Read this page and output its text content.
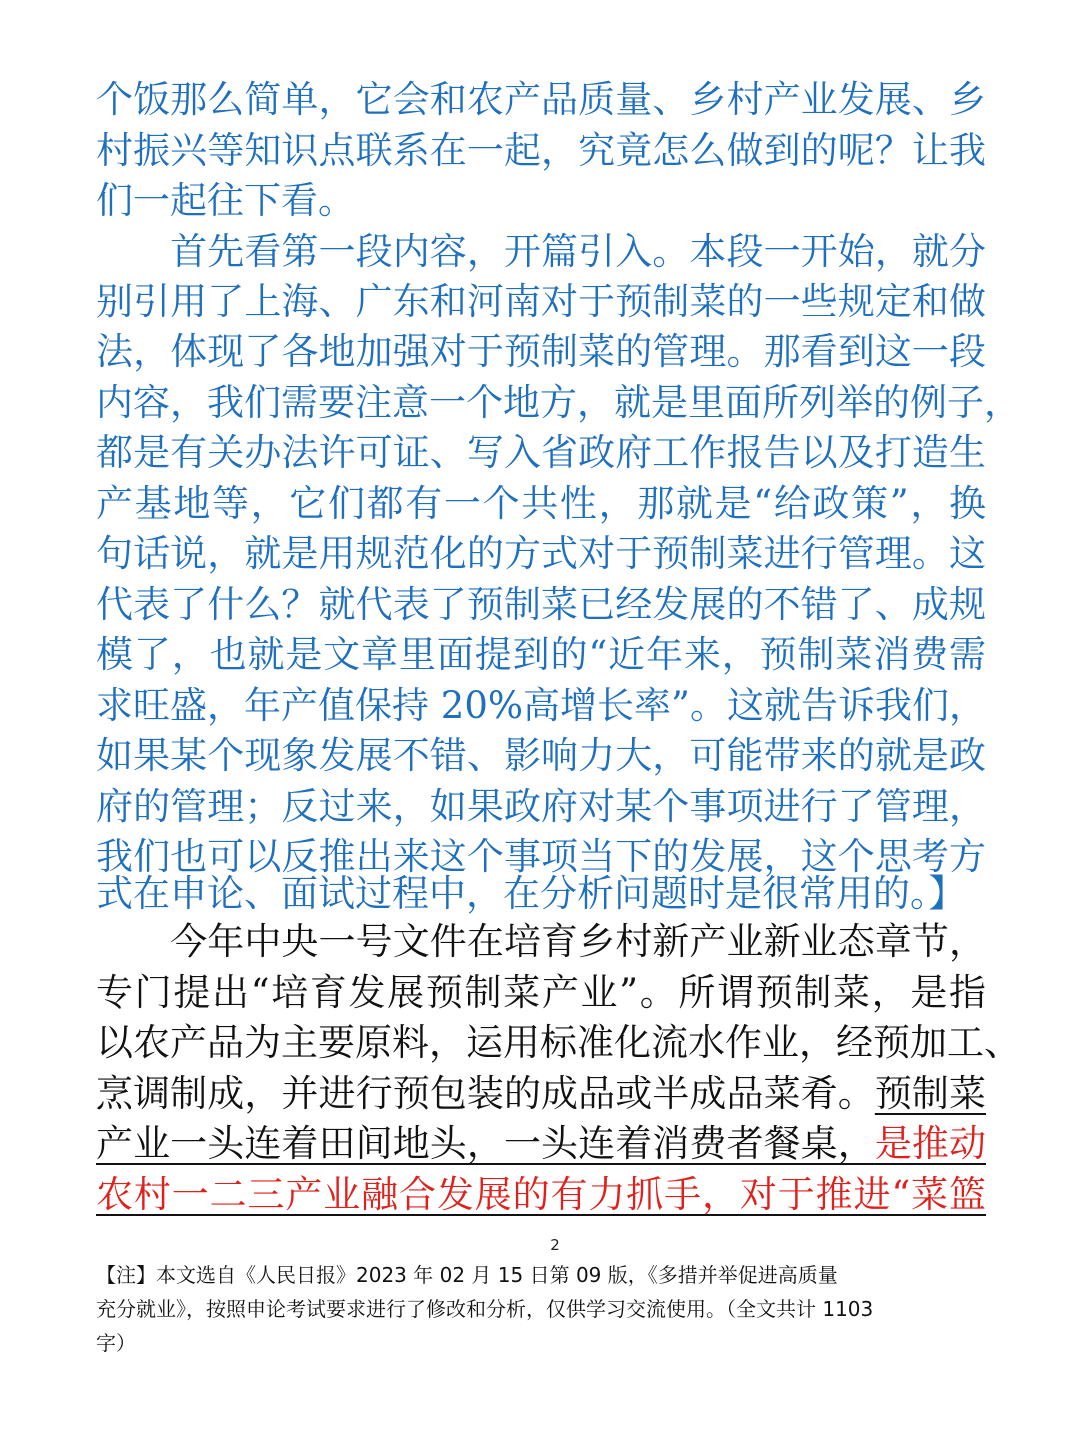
个饭那么简单，它会和农产品质量、乡村产业发展、乡
村振兴等知识点联系在一起，究竟怎么做到的呢？让我
们一起往下看。
　　首先看第一段内容，开篇引入。本段一开始，就分
别引用了上海、广东和河南对于预制菜的一些规定和做
法，体现了各地加强对于预制菜的管理。那看到这一段
内容，我们需要注意一个地方，就是里面所列举的例子，
都是有关办法许可证、写入省政府工作报告以及打造生
产基地等，它们都有一个共性，那就是“给政策”，换
句话说，就是用规范化的方式对于预制菜进行管理。这
代表了什么？就代表了预制菜已经发展的不错了、成规
模了，也就是文章里面提到的“近年来，预制菜消费需
求旺盛，年产值保持 20%高增长率”。这就告诉我们，
如果某个现象发展不错、影响力大，可能带来的就是政
府的管理；反过来，如果政府对某个事项进行了管理，
我们也可以反推出来这个事项当下的发展，这个思考方
式在申论、面试过程中，在分析问题时是很常用的。】
　　今年中央一号文件在培育乡村新产业新业态章节，
专门提出“培育发展预制菜产业”。所谓预制菜，是指
以农产品为主要原料，运用标准化流水作业，经预加工、
烹调制成，并进行预包装的成品或半成品菜肴。预制菜
产业一头连着田间地头，一头连着消费者餐桌，是推动
农村一二三产业融合发展的有力抓手，对于推进“菜篮
2
【注】本文选自《人民日报》2023 年 02 月 15 日第 09 版，《多措并举促进高质量
充分就业》，按照申论考试要求进行了修改和分析，仅供学习交流使用。（全文共计 1103
字）
